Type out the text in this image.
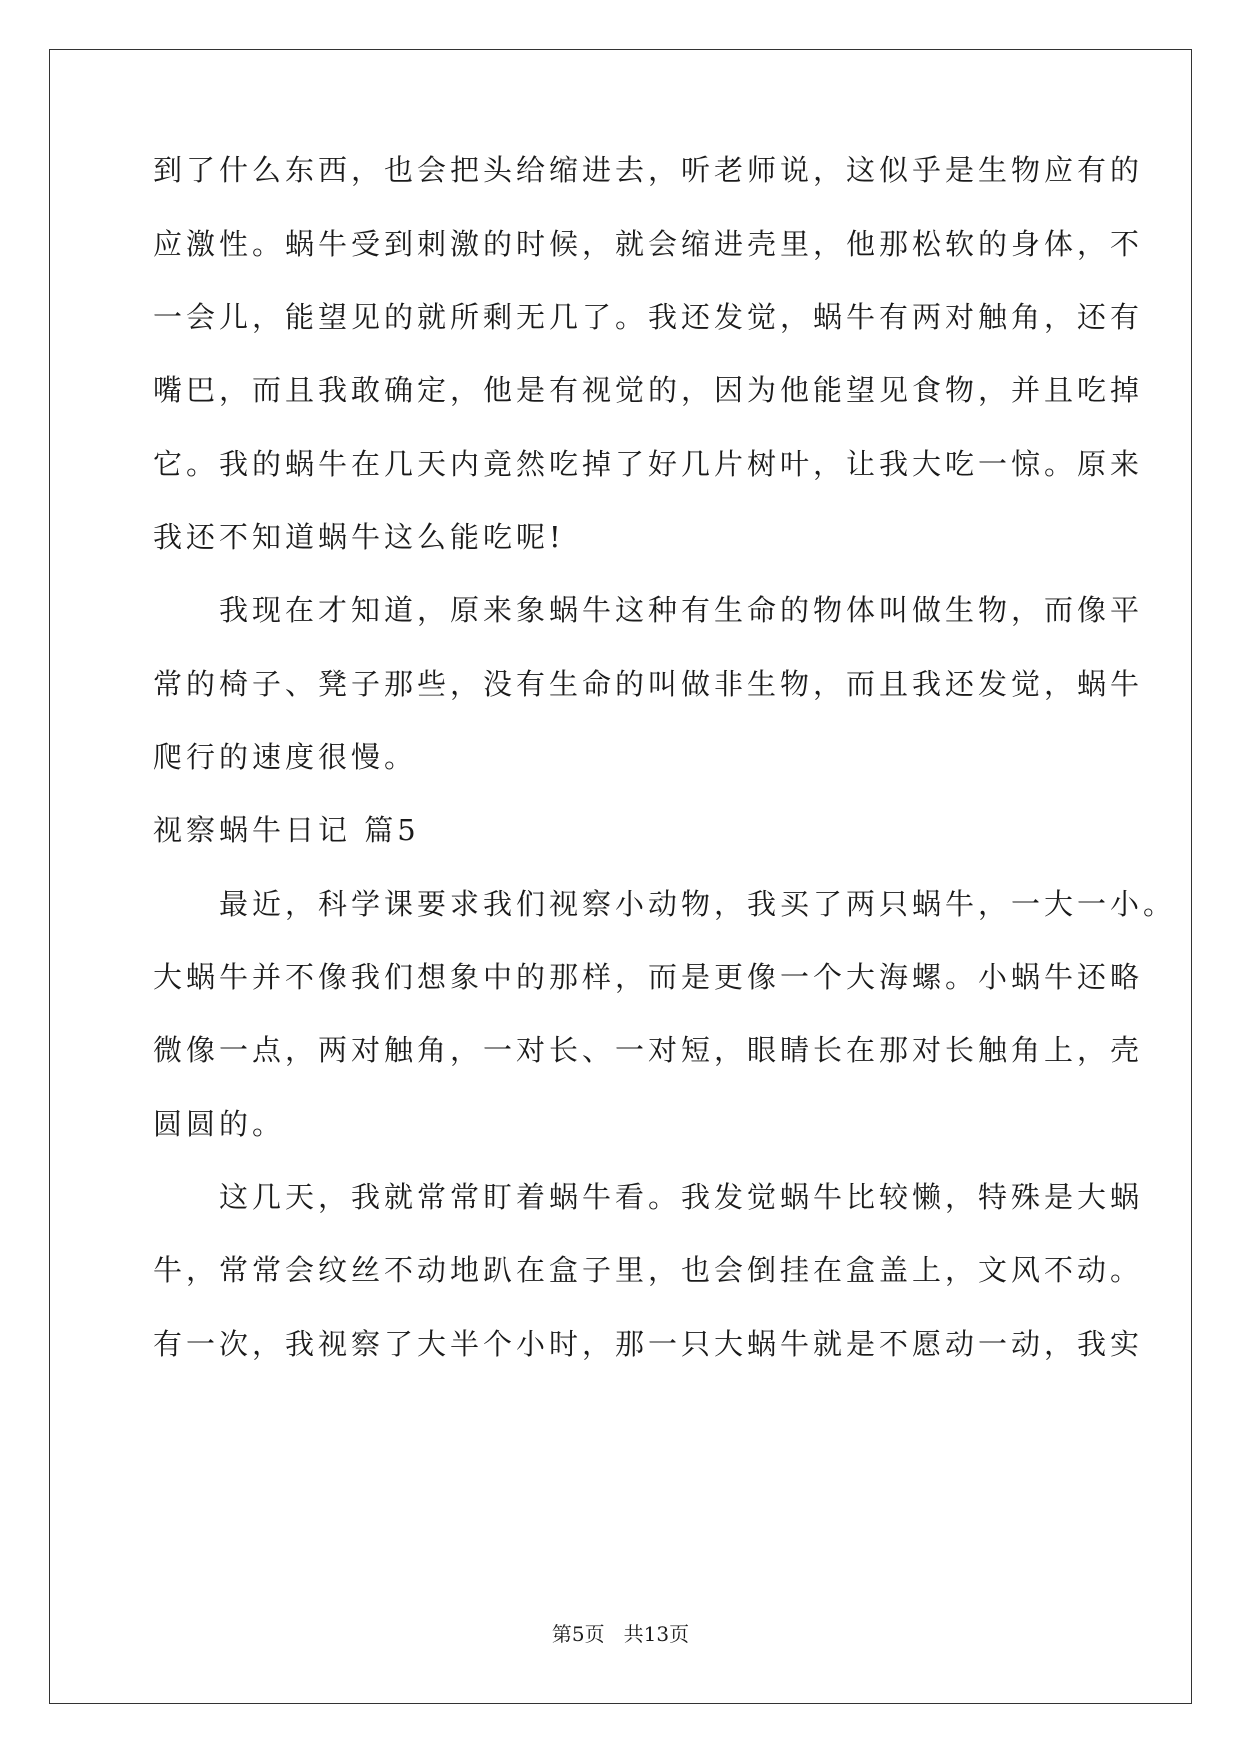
到了什么东西，也会把头给缩进去，听老师说，这似乎是生物应有的
应激性。蜗牛受到刺激的时候，就会缩进壳里，他那松软的身体，不
一会儿，能望见的就所剩无几了。我还发觉，蜗牛有两对触角，还有
嘴巴，而且我敢确定，他是有视觉的，因为他能望见食物，并且吃掉
它。我的蜗牛在几天内竟然吃掉了好几片树叶，让我大吃一惊。原来
我还不知道蜗牛这么能吃呢!
　　我现在才知道，原来象蜗牛这种有生命的物体叫做生物，而像平
常的椅子、凳子那些，没有生命的叫做非生物，而且我还发觉，蜗牛
爬行的速度很慢。
视察蜗牛日记 篇5
　　最近，科学课要求我们视察小动物，我买了两只蜗牛，一大一小。
大蜗牛并不像我们想象中的那样，而是更像一个大海螺。小蜗牛还略
微像一点，两对触角，一对长、一对短，眼睛长在那对长触角上，壳
圆圆的。
　　这几天，我就常常盯着蜗牛看。我发觉蜗牛比较懒，特殊是大蜗
牛，常常会纹丝不动地趴在盒子里，也会倒挂在盒盖上，文风不动。
有一次，我视察了大半个小时，那一只大蜗牛就是不愿动一动，我实
第5页 共13页
